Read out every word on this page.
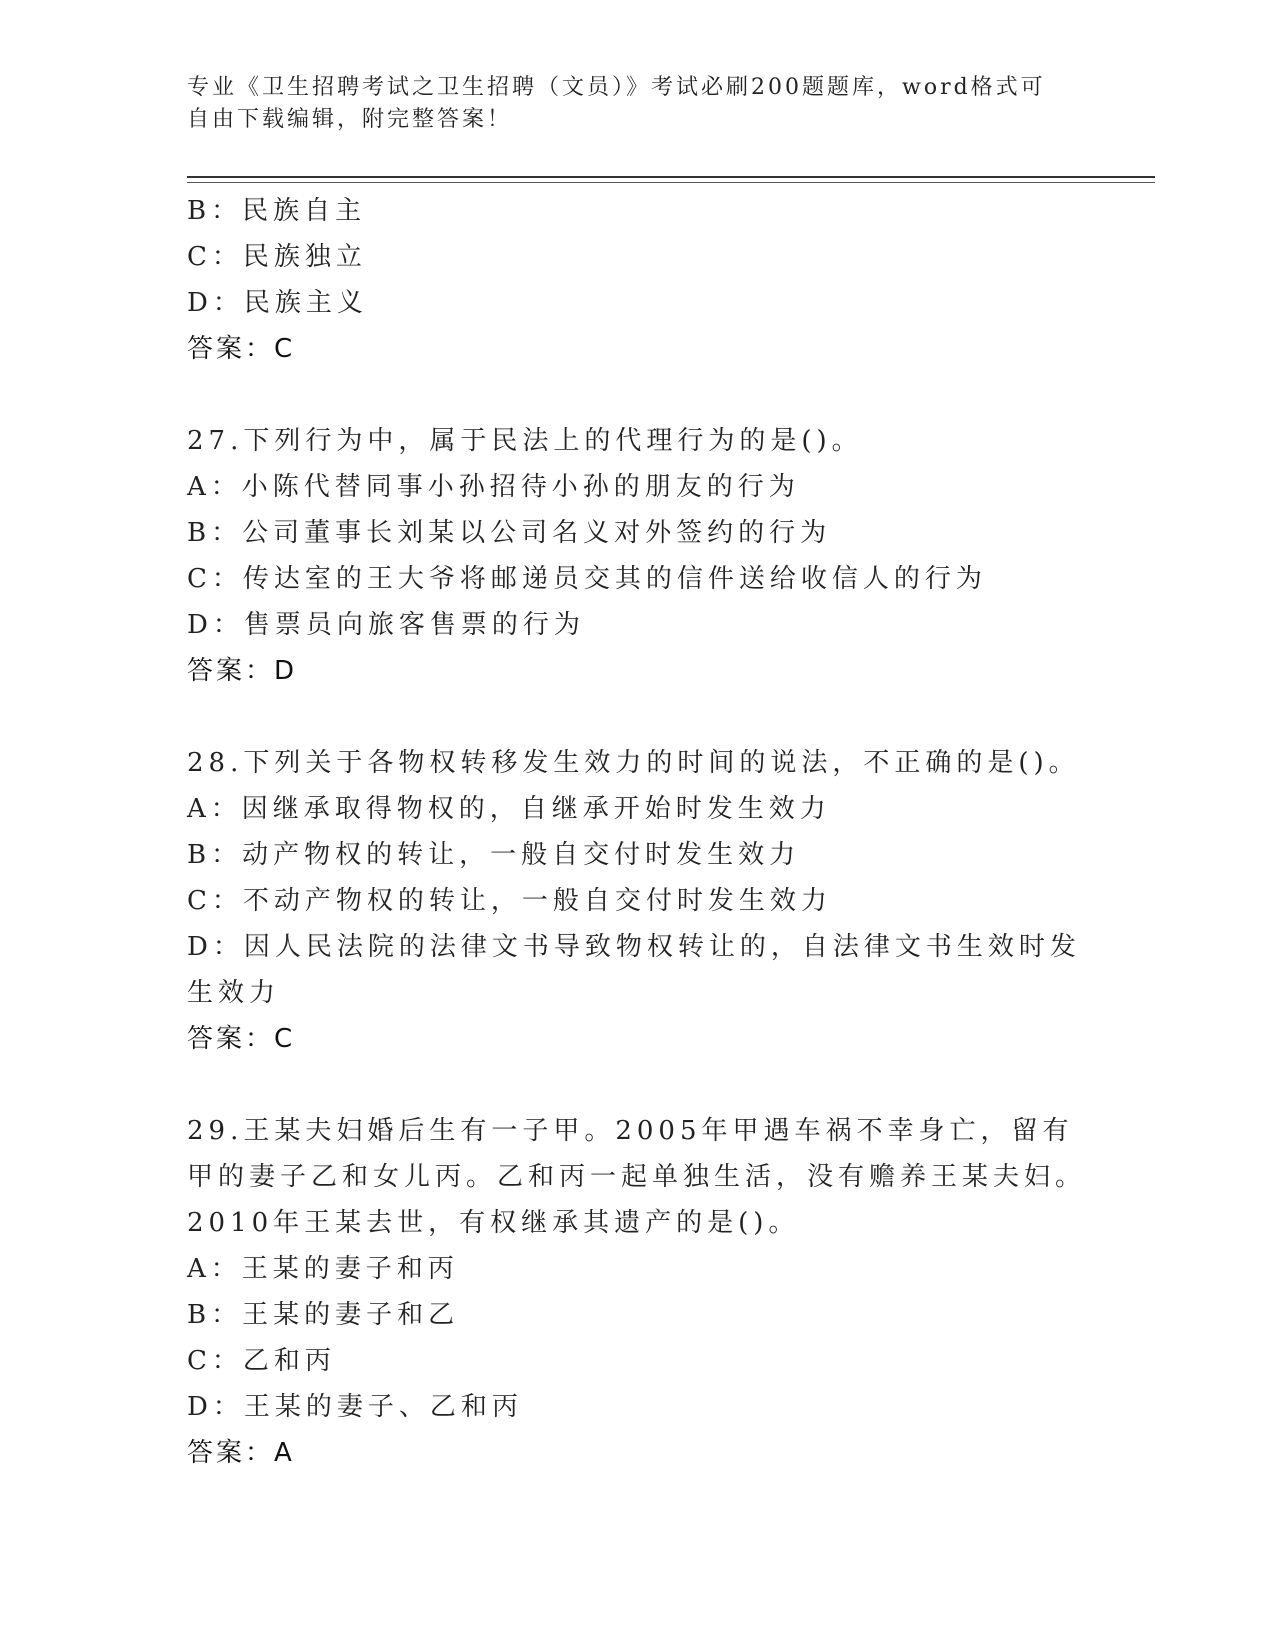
专业《卫生招聘考试之卫生招聘（文员）》考试必刷200题题库，word格式可自由下载编辑，附完整答案！

B：民族自主

C：民族独立

D：民族主义

答案：C

27.下列行为中，属于民法上的代理行为的是()。

A：小陈代替同事小孙招待小孙的朋友的行为

B：公司董事长刘某以公司名义对外签约的行为

C：传达室的王大爷将邮递员交其的信件送给收信人的行为

D：售票员向旅客售票的行为

答案：D

28.下列关于各物权转移发生效力的时间的说法，不正确的是()。

A：因继承取得物权的，自继承开始时发生效力

B：动产物权的转让，一般自交付时发生效力

C：不动产物权的转让，一般自交付时发生效力

D：因人民法院的法律文书导致物权转让的，自法律文书生效时发生效力

答案：C

29.王某夫妇婚后生有一子甲。2005年甲遇车祸不幸身亡，留有甲的妻子乙和女儿丙。乙和丙一起单独生活，没有赡养王某夫妇。2010年王某去世，有权继承其遗产的是()。

A：王某的妻子和丙

B：王某的妻子和乙

C：乙和丙

D：王某的妻子、乙和丙

答案：A
